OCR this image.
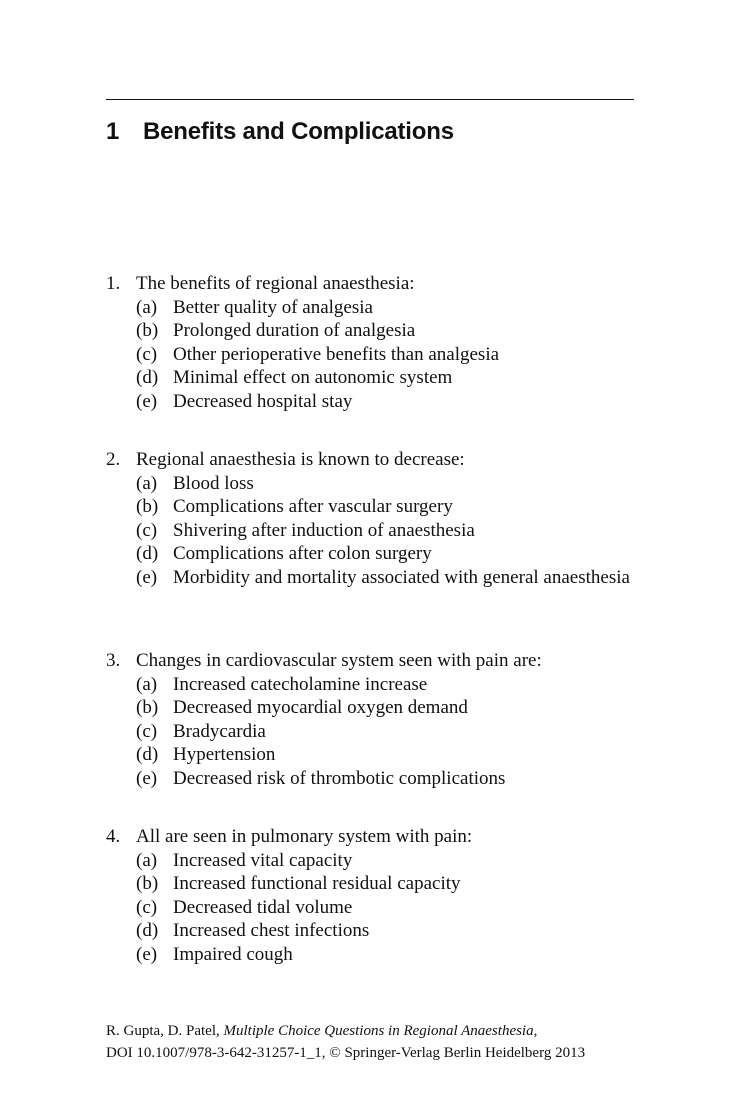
1 Benefits and Complications
1. The benefits of regional anaesthesia:
(a) Better quality of analgesia
(b) Prolonged duration of analgesia
(c) Other perioperative benefits than analgesia
(d) Minimal effect on autonomic system
(e) Decreased hospital stay
2. Regional anaesthesia is known to decrease:
(a) Blood loss
(b) Complications after vascular surgery
(c) Shivering after induction of anaesthesia
(d) Complications after colon surgery
(e) Morbidity and mortality associated with general anaesthesia
3. Changes in cardiovascular system seen with pain are:
(a) Increased catecholamine increase
(b) Decreased myocardial oxygen demand
(c) Bradycardia
(d) Hypertension
(e) Decreased risk of thrombotic complications
4. All are seen in pulmonary system with pain:
(a) Increased vital capacity
(b) Increased functional residual capacity
(c) Decreased tidal volume
(d) Increased chest infections
(e) Impaired cough
R. Gupta, D. Patel, Multiple Choice Questions in Regional Anaesthesia,
DOI 10.1007/978-3-642-31257-1_1, © Springer-Verlag Berlin Heidelberg 2013
